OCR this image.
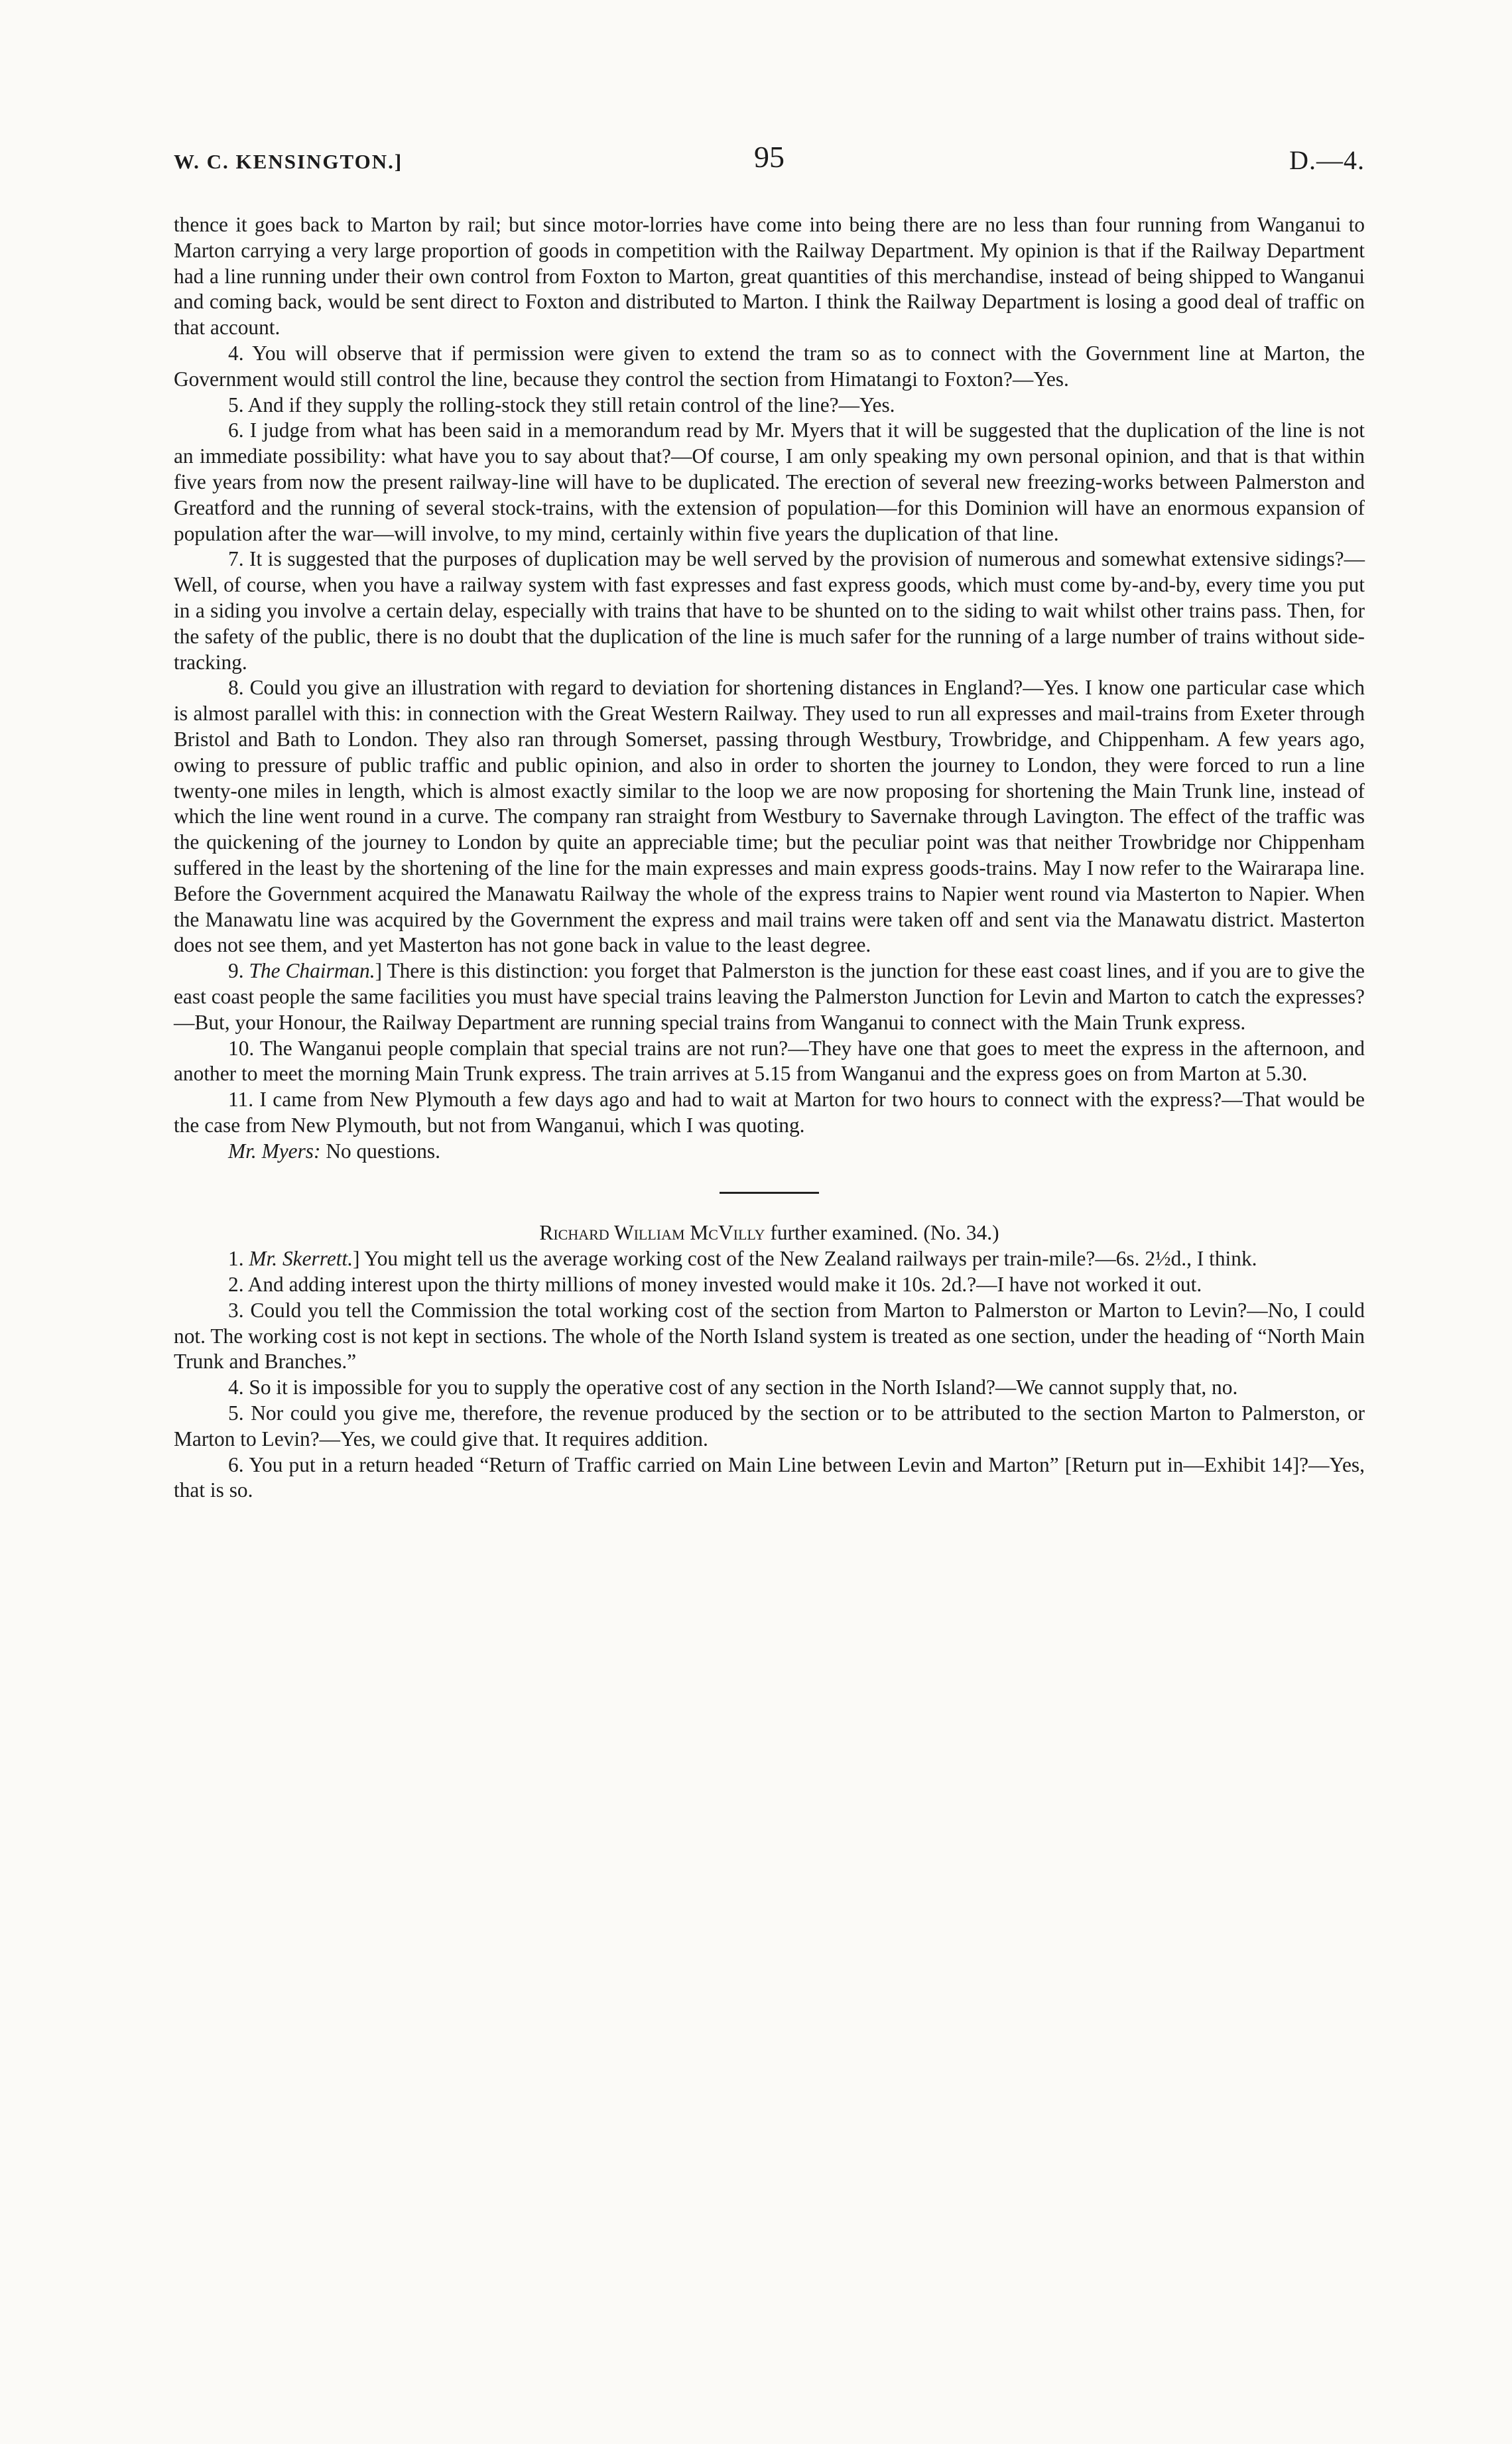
W. C. KENSINGTON.]	95	D.—4.

thence it goes back to Marton by rail; but since motor-lorries have come into being there are no less than four running from Wanganui to Marton carrying a very large proportion of goods in competition with the Railway Department. My opinion is that if the Railway Department had a line running under their own control from Foxton to Marton, great quantities of this merchandise, instead of being shipped to Wanganui and coming back, would be sent direct to Foxton and distributed to Marton. I think the Railway Department is losing a good deal of traffic on that account.

4. You will observe that if permission were given to extend the tram so as to connect with the Government line at Marton, the Government would still control the line, because they control the section from Himatangi to Foxton?—Yes.

5. And if they supply the rolling-stock they still retain control of the line?—Yes.

6. I judge from what has been said in a memorandum read by Mr. Myers that it will be suggested that the duplication of the line is not an immediate possibility: what have you to say about that?—Of course, I am only speaking my own personal opinion, and that is that within five years from now the present railway-line will have to be duplicated. The erection of several new freezing-works between Palmerston and Greatford and the running of several stock-trains, with the extension of population—for this Dominion will have an enormous expansion of population after the war—will involve, to my mind, certainly within five years the duplication of that line.

7. It is suggested that the purposes of duplication may be well served by the provision of numerous and somewhat extensive sidings?—Well, of course, when you have a railway system with fast expresses and fast express goods, which must come by-and-by, every time you put in a siding you involve a certain delay, especially with trains that have to be shunted on to the siding to wait whilst other trains pass. Then, for the safety of the public, there is no doubt that the duplication of the line is much safer for the running of a large number of trains without side-tracking.

8. Could you give an illustration with regard to deviation for shortening distances in England?—Yes. I know one particular case which is almost parallel with this: in connection with the Great Western Railway. They used to run all expresses and mail-trains from Exeter through Bristol and Bath to London. They also ran through Somerset, passing through Westbury, Trowbridge, and Chippenham. A few years ago, owing to pressure of public traffic and public opinion, and also in order to shorten the journey to London, they were forced to run a line twenty-one miles in length, which is almost exactly similar to the loop we are now proposing for shortening the Main Trunk line, instead of which the line went round in a curve. The company ran straight from Westbury to Savernake through Lavington. The effect of the traffic was the quickening of the journey to London by quite an appreciable time; but the peculiar point was that neither Trowbridge nor Chippenham suffered in the least by the shortening of the line for the main expresses and main express goods-trains. May I now refer to the Wairarapa line. Before the Government acquired the Manawatu Railway the whole of the express trains to Napier went round via Masterton to Napier. When the Manawatu line was acquired by the Government the express and mail trains were taken off and sent via the Manawatu district. Masterton does not see them, and yet Masterton has not gone back in value to the least degree.

9. The Chairman.] There is this distinction: you forget that Palmerston is the junction for these east coast lines, and if you are to give the east coast people the same facilities you must have special trains leaving the Palmerston Junction for Levin and Marton to catch the expresses?—But, your Honour, the Railway Department are running special trains from Wanganui to connect with the Main Trunk express.

10. The Wanganui people complain that special trains are not run?—They have one that goes to meet the express in the afternoon, and another to meet the morning Main Trunk express. The train arrives at 5.15 from Wanganui and the express goes on from Marton at 5.30.

11. I came from New Plymouth a few days ago and had to wait at Marton for two hours to connect with the express?—That would be the case from New Plymouth, but not from Wanganui, which I was quoting.

Mr. Myers: No questions.

Richard William McVilly further examined. (No. 34.)

1. Mr. Skerrett.] You might tell us the average working cost of the New Zealand railways per train-mile?—6s. 2½d., I think.

2. And adding interest upon the thirty millions of money invested would make it 10s. 2d.?—I have not worked it out.

3. Could you tell the Commission the total working cost of the section from Marton to Palmerston or Marton to Levin?—No, I could not. The working cost is not kept in sections. The whole of the North Island system is treated as one section, under the heading of “North Main Trunk and Branches.”

4. So it is impossible for you to supply the operative cost of any section in the North Island?—We cannot supply that, no.

5. Nor could you give me, therefore, the revenue produced by the section or to be attributed to the section Marton to Palmerston, or Marton to Levin?—Yes, we could give that. It requires addition.

6. You put in a return headed “Return of Traffic carried on Main Line between Levin and Marton” [Return put in—Exhibit 14]?—Yes, that is so.
